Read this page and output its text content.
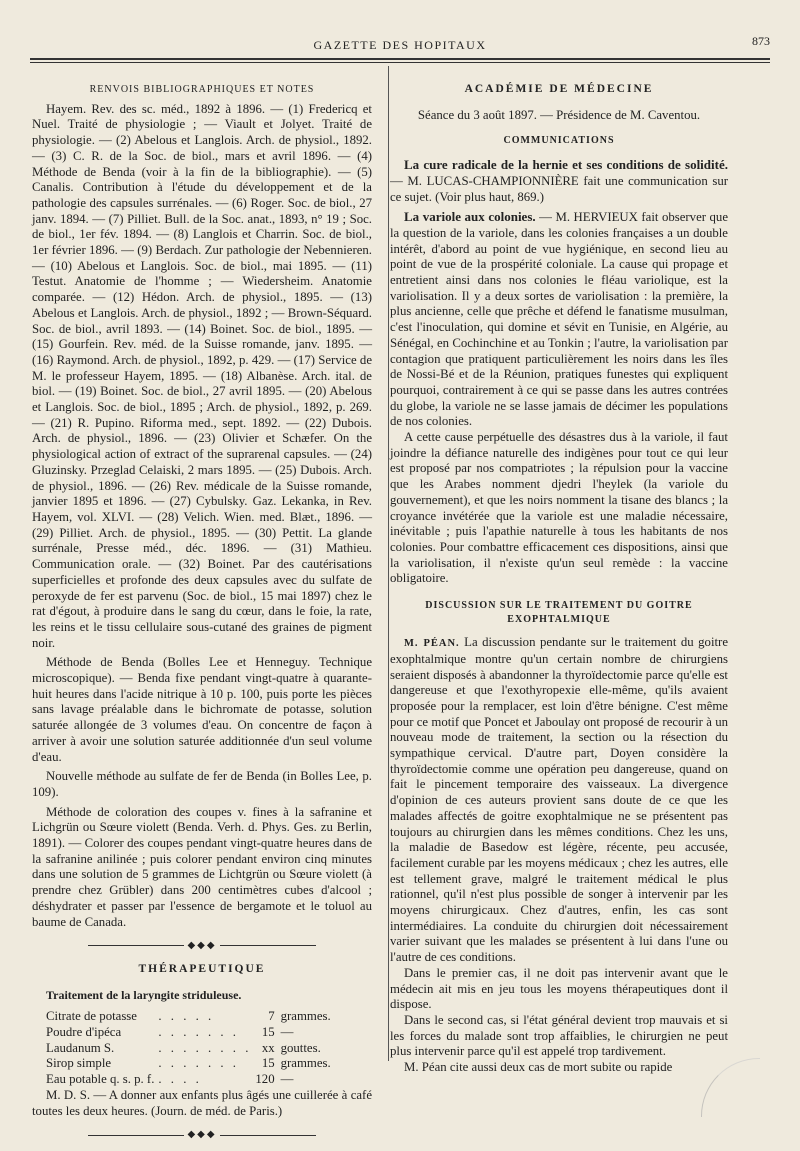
GAZETTE DES HOPITAUX	873
RENVOIS BIBLIOGRAPHIQUES ET NOTES

Hayem. Rev. des sc. méd., 1892 à 1896. — (1) Fredericq et Nuel. Traité de physiologie ; — Viault et Jolyet. Traité de physiologie. — (2) Abelous et Langlois. Arch. de physiol., 1892. — (3) C. R. de la Soc. de biol., mars et avril 1896. — (4) Méthode de Benda (voir à la fin de la bibliographie). — (5) Canalis. Contribution à l'étude du développement et de la pathologie des capsules surrénales. — (6) Roger. Soc. de biol., 27 janv. 1894. — (7) Pilliet. Bull. de la Soc. anat., 1893, n° 19 ; Soc. de biol., 1er fév. 1894. — (8) Langlois et Charrin. Soc. de biol., 1er février 1896. — (9) Berdach. Zur pathologie der Nebennieren. — (10) Abelous et Langlois. Soc. de biol., mai 1895. — (11) Testut. Anatomie de l'homme ; — Wiedersheim. Anatomie comparée. — (12) Hédon. Arch. de physiol., 1895. — (13) Abelous et Langlois. Arch. de physiol., 1892 ; — Brown-Séquard. Soc. de biol., avril 1893. — (14) Boinet. Soc. de biol., 1895. — (15) Gourfein. Rev. méd. de la Suisse romande, janv. 1895. — (16) Raymond. Arch. de physiol., 1892, p. 429. — (17) Service de M. le professeur Hayem, 1895. — (18) Albanèse. Arch. ital. de biol. — (19) Boinet. Soc. de biol., 27 avril 1895. — (20) Abelous et Langlois. Soc. de biol., 1895 ; Arch. de physiol., 1892, p. 269. — (21) R. Pupino. Riforma med., sept. 1892. — (22) Dubois. Arch. de physiol., 1896. — (23) Olivier et Schæfer. On the physiological action of extract of the suprarenal capsules. — (24) Gluzinsky. Przeglad Celaiski, 2 mars 1895. — (25) Dubois. Arch. de physiol., 1896. — (26) Rev. médicale de la Suisse romande, janvier 1895 et 1896. — (27) Cybulsky. Gaz. Lekanka, in Rev. Hayem, vol. XLVI. — (28) Velich. Wien. med. Blæt., 1896. — (29) Pilliet. Arch. de physiol., 1895. — (30) Pettit. La glande surrénale, Presse méd., déc. 1896. — (31) Mathieu. Communication orale. — (32) Boinet. Par des cautérisations superficielles et profonde des deux capsules avec du sulfate de peroxyde de fer est parvenu (Soc. de biol., 15 mai 1897) chez le rat d'égout, à produire dans le sang du cœur, dans le foie, la rate, les reins et le tissu cellulaire sous-cutané des graines de pigment noir.

Méthode de Benda (Bolles Lee et Henneguy. Technique microscopique). — Benda fixe pendant vingt-quatre à quarante-huit heures dans l'acide nitrique à 10 p. 100, puis porte les pièces sans lavage préalable dans le bichromate de potasse, solution saturée allongée de 3 volumes d'eau. On concentre de façon à arriver à avoir une solution saturée additionnée d'un seul volume d'eau.

Nouvelle méthode au sulfate de fer de Benda (in Bolles Lee, p. 109).

Méthode de coloration des coupes v. fines à la safranine et Lichgrün ou Sœure violett (Benda. Verh. d. Phys. Ges. zu Berlin, 1891). — Colorer des coupes pendant vingt-quatre heures dans de la safranine anilinée ; puis colorer pendant environ cinq minutes dans une solution de 5 grammes de Lichtgrün ou Sœure violett (à prendre chez Grübler) dans 200 centimètres cubes d'alcool ; déshydrater et passer par l'essence de bergamote et le toluol au baume de Canada.

◆◆◆
THÉRAPEUTIQUE
Traitement de la laryngite striduleuse.
Citrate de potasse	. . . . .	7	grammes.
Poudre d'ipéca	. . . . . . .	15	—
Laudanum S.	. . . . . . . .	xx	gouttes.
Sirop simple	. . . . . . .	15	grammes.
Eau potable q. s. p. f.	. . . .	120	—

M. D. S. — A donner aux enfants plus âgés une cuillerée à café toutes les deux heures. (Journ. de méd. de Paris.)

◆◆◆
ACADÉMIE DE MÉDECINE

Séance du 3 août 1897. — Présidence de M. Caventou.

COMMUNICATIONS

La cure radicale de la hernie et ses conditions de solidité. — M. LUCAS-CHAMPIONNIÈRE fait une communication sur ce sujet. (Voir plus haut, 869.)

La variole aux colonies. — M. HERVIEUX fait observer que la question de la variole, dans les colonies françaises a un double intérêt, d'abord au point de vue hygiénique, en second lieu au point de vue de la prospérité coloniale. La cause qui propage et entretient ainsi dans nos colonies le fléau variolique, est la variolisation. Il y a deux sortes de variolisation : la première, la plus ancienne, celle que prêche et défend le fanatisme musulman, c'est l'inoculation, qui domine et sévit en Tunisie, en Algérie, au Sénégal, en Cochinchine et au Tonkin ; l'autre, la variolisation par contagion que pratiquent particulièrement les noirs dans les îles de Nossi-Bé et de la Réunion, pratiques funestes qui expliquent pourquoi, contrairement à ce qui se passe dans les autres contrées du globe, la variole ne se lasse jamais de décimer les populations de nos colonies.

A cette cause perpétuelle des désastres dus à la variole, il faut joindre la défiance naturelle des indigènes pour tout ce qui leur est proposé par nos compatriotes ; la répulsion pour la vaccine que les Arabes nomment djedri l'heylek (la variole du gouvernement), et que les noirs nomment la tisane des blancs ; la croyance invétérée que la variole est une maladie nécessaire, inévitable ; puis l'apathie naturelle à tous les habitants de nos colonies. Pour combattre efficacement ces dispositions, ainsi que la variolisation, il n'existe qu'un seul remède : la vaccine obligatoire.

DISCUSSION SUR LE TRAITEMENT DU GOITRE EXOPHTALMIQUE

M. PÉAN. La discussion pendante sur le traitement du goitre exophtalmique montre qu'un certain nombre de chirurgiens seraient disposés à abandonner la thyroïdectomie parce qu'elle est dangereuse et que l'exothyropexie elle-même, qu'ils avaient proposée pour la remplacer, est loin d'être bénigne. C'est même pour ce motif que Poncet et Jaboulay ont proposé de recourir à un nouveau mode de traitement, la section ou la résection du sympathique cervical. D'autre part, Doyen considère la thyroïdectomie comme une opération peu dangereuse, quand on fait le pincement temporaire des vaisseaux. La divergence d'opinion de ces auteurs provient sans doute de ce que les malades affectés de goitre exophtalmique ne se présentent pas toujours au chirurgien dans les mêmes conditions. Chez les uns, la maladie de Basedow est légère, récente, peu accusée, facilement curable par les moyens médicaux ; chez les autres, elle est tellement grave, malgré le traitement médical le plus rationnel, qu'il n'est plus possible de songer à intervenir par les moyens chirurgicaux. Chez d'autres, enfin, les cas sont intermédiaires. La conduite du chirurgien doit nécessairement varier suivant que les malades se présentent à lui dans l'une ou l'autre de ces conditions.

Dans le premier cas, il ne doit pas intervenir avant que le médecin ait mis en jeu tous les moyens thérapeutiques dont il dispose.

Dans le second cas, si l'état général devient trop mauvais et si les forces du malade sont trop affaiblies, le chirurgien ne peut plus intervenir parce qu'il est appelé trop tardivement.

M. Péan cite aussi deux cas de mort subite ou rapide
